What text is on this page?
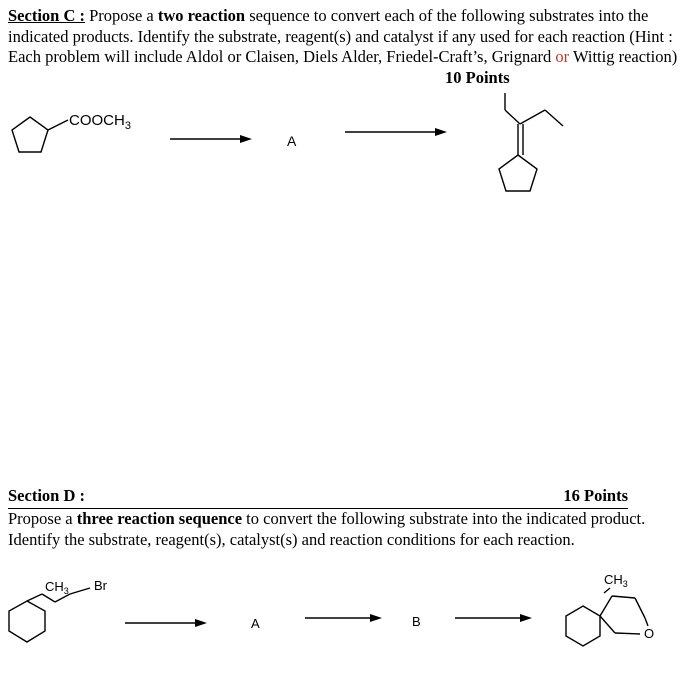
Section C : Propose a two reaction sequence to convert each of the following substrates into the indicated products. Identify the substrate, reagent(s) and catalyst if any used for each reaction (Hint : Each problem will include Aldol or Claisen, Diels Alder, Friedel-Craft’s, Grignard or Wittig reaction)
10 Points
$COOCH_3$
A
$CH_3$ Br
A	B
$CH_3$
O
Section D :	16 Points
Propose a three reaction sequence to convert the following substrate into the indicated product. Identify the substrate, reagent(s), catalyst(s) and reaction conditions for each reaction.
